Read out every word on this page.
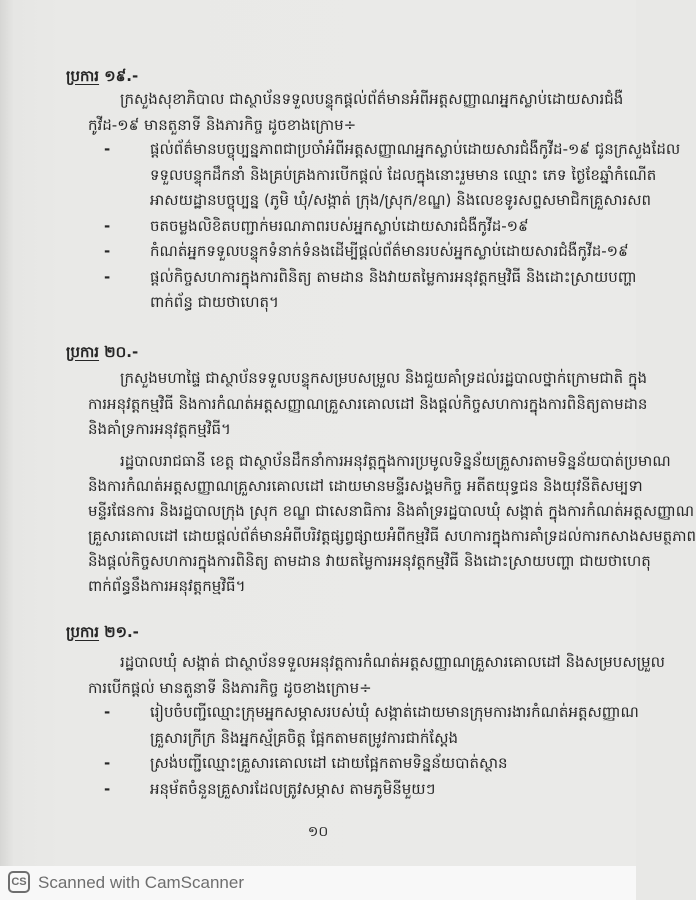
ប្រការ ១៩.-
ក្រសួងសុខាភិបាល ជាស្ថាប័នទទួលបន្ទុកផ្តល់ព័ត៌មានអំពីអត្តសញ្ញាណអ្នកស្លាប់ដោយសារជំងឺ
កូវីដ-១៩ មានតួនាទី និងភារកិច្ច ដូចខាងក្រោម÷
-	ផ្តល់ព័ត៌មានបច្ចុប្បន្នភាពជាប្រចាំអំពីអត្តសញ្ញាណអ្នកស្លាប់ដោយសារជំងឺកូវីដ-១៩ ជូនក្រសួងដែល
ទទួលបន្ទុកដឹកនាំ និងគ្រប់គ្រងការបើកផ្តល់ ដែលក្នុងនោះរួមមាន ឈ្មោះ ភេទ ថ្ងៃខែឆ្នាំកំណើត
អាសយដ្ឋានបច្ចុប្បន្ន (ភូមិ ឃុំ/សង្កាត់ ក្រុង/ស្រុក/ខណ្ឌ) និងលេខទូរសព្ទសមាជិកគ្រួសារសព
-	ចតចម្លងលិខិតបញ្ជាក់មរណភាពរបស់អ្នកស្លាប់ដោយសារជំងឺកូវីដ-១៩
-	កំណត់អ្នកទទួលបន្ទុកទំនាក់ទំនងដើម្បីផ្តល់ព័ត៌មានរបស់អ្នកស្លាប់ដោយសារជំងឺកូវីដ-១៩
-	ផ្តល់កិច្ចសហការក្នុងការពិនិត្យ តាមដាន និងវាយតម្លៃការអនុវត្តកម្មវិធី និងដោះស្រាយបញ្ហា
ពាក់ព័ន្ធ ជាយថាហេតុ។
ប្រការ ២០.-
ក្រសួងមហាផ្ទៃ ជាស្ថាប័នទទួលបន្ទុកសម្របសម្រួល និងជួយគាំទ្រដល់រដ្ឋបាលថ្នាក់ក្រោមជាតិ ក្នុង
ការអនុវត្តកម្មវិធី និងការកំណត់អត្តសញ្ញាណគ្រួសារគោលដៅ និងផ្តល់កិច្ចសហការក្នុងការពិនិត្យតាមដាន
និងគាំទ្រការអនុវត្តកម្មវិធី។
រដ្ឋបាលរាជធានី ខេត្ត ជាស្ថាប័នដឹកនាំការអនុវត្តក្នុងការប្រមូលទិន្នន័យគ្រួសារតាមទិន្នន័យបាត់ប្រមាណ
និងការកំណត់អត្តសញ្ញាណគ្រួសារគោលដៅ ដោយមានមន្ទីរសង្គមកិច្ច អតីតយុទ្ធជន និងយុវនីតិសម្បទា
មន្ទីរផែនការ និងរដ្ឋបាលក្រុង ស្រុក ខណ្ឌ ជាសេនាធិការ និងគាំទ្ររដ្ឋបាលឃុំ សង្កាត់ ក្នុងការកំណត់អត្តសញ្ញាណ
គ្រួសារគោលដៅ ដោយផ្តល់ព័ត៌មានអំពីបរិវត្តផ្សព្វផ្សាយអំពីកម្មវិធី សហការក្នុងការគាំទ្រដល់ការកសាងសមត្ថភាព
និងផ្តល់កិច្ចសហការក្នុងការពិនិត្យ តាមដាន វាយតម្លៃការអនុវត្តកម្មវិធី និងដោះស្រាយបញ្ហា ជាយថាហេតុ
ពាក់ព័ន្ធនឹងការអនុវត្តកម្មវិធី។
ប្រការ ២១.-
រដ្ឋបាលឃុំ សង្កាត់ ជាស្ថាប័នទទួលអនុវត្តការកំណត់អត្តសញ្ញាណគ្រួសារគោលដៅ និងសម្របសម្រួល
ការបើកផ្តល់ មានតួនាទី និងភារកិច្ច ដូចខាងក្រោម÷
-	រៀបចំបញ្ជីឈ្មោះក្រុមអ្នកសម្ភាសរបស់ឃុំ សង្កាត់ដោយមានក្រុមការងារកំណត់អត្តសញ្ញាណ
គ្រួសារក្រីក្រ និងអ្នកស្ម័គ្រចិត្ត ផ្អែកតាមតម្រូវការជាក់ស្តែង
-	ស្រង់បញ្ជីឈ្មោះគ្រួសារគោលដៅ ដោយផ្អែកតាមទិន្នន័យបាត់ស្ថាន
-	អនុម័តចំនួនគ្រួសារដែលត្រូវសម្ភាស តាមភូមិនីមួយៗ
១០
CS Scanned with CamScanner
